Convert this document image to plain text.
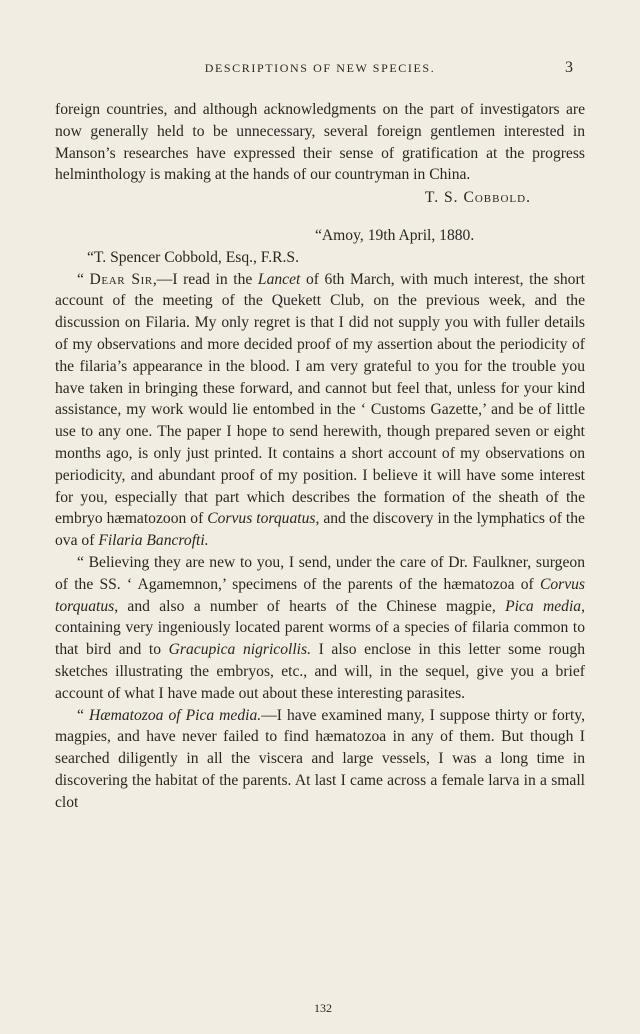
DESCRIPTIONS OF NEW SPECIES.	3

foreign countries, and although acknowledgments on the part of investigators are now generally held to be unnecessary, several foreign gentlemen interested in Manson’s researches have expressed their sense of gratification at the progress helminthology is making at the hands of our countryman in China.

T. S. Cobbold.

“Amoy, 19th April, 1880.

“T. Spencer Cobbold, Esq., F.R.S.

“ Dear Sir,—I read in the Lancet of 6th March, with much interest, the short account of the meeting of the Quekett Club, on the previous week, and the discussion on Filaria. My only regret is that I did not supply you with fuller details of my observations and more decided proof of my assertion about the periodicity of the filaria’s appearance in the blood. I am very grateful to you for the trouble you have taken in bringing these forward, and cannot but feel that, unless for your kind assistance, my work would lie entombed in the ‘ Customs Gazette,’ and be of little use to any one. The paper I hope to send herewith, though prepared seven or eight months ago, is only just printed. It contains a short account of my observations on periodicity, and abundant proof of my position. I believe it will have some interest for you, especially that part which describes the formation of the sheath of the embryo hæmatozoon of Corvus torquatus, and the discovery in the lymphatics of the ova of Filaria Bancrofti.

“ Believing they are new to you, I send, under the care of Dr. Faulkner, surgeon of the SS. ‘ Agamemnon,’ specimens of the parents of the hæmatozoa of Corvus torquatus, and also a number of hearts of the Chinese magpie, Pica media, containing very ingeniously located parent worms of a species of filaria common to that bird and to Gracupica nigricollis. I also enclose in this letter some rough sketches illustrating the embryos, etc., and will, in the sequel, give you a brief account of what I have made out about these interesting parasites.

“ Hæmatozoa of Pica media.—I have examined many, I suppose thirty or forty, magpies, and have never failed to find hæmatozoa in any of them. But though I searched diligently in all the viscera and large vessels, I was a long time in discovering the habitat of the parents. At last I came across a female larva in a small clot

132
